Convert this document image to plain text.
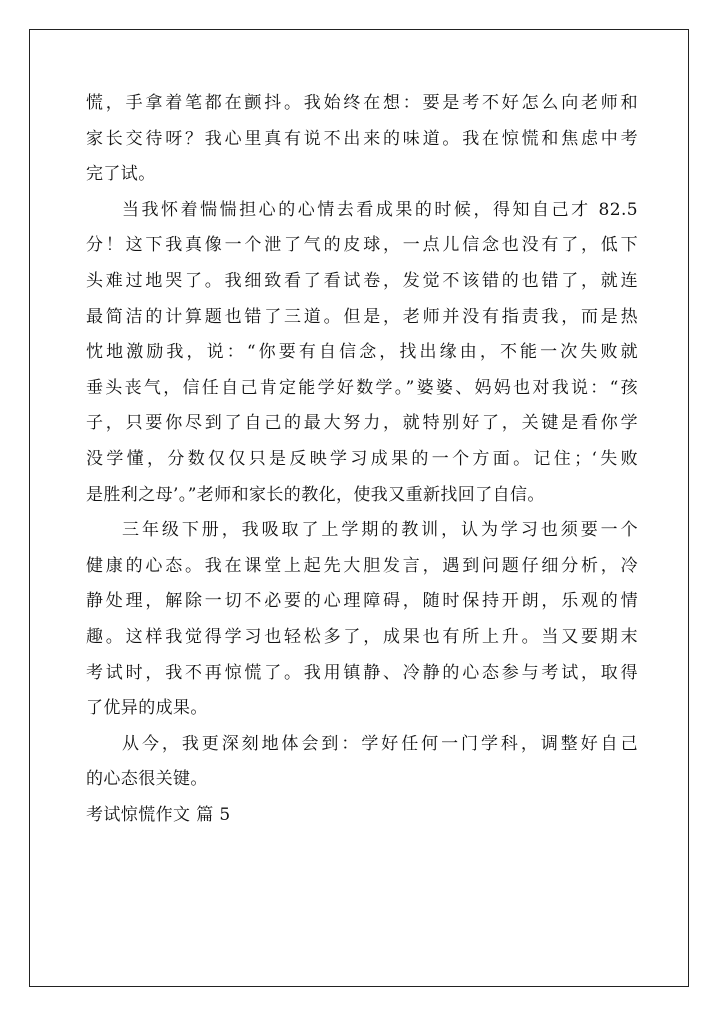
慌，手拿着笔都在颤抖。我始终在想：要是考不好怎么向老师和
家长交待呀？我心里真有说不出来的味道。我在惊慌和焦虑中考
完了试。
当我怀着惴惴担心的心情去看成果的时候，得知自己才 82.5
分！这下我真像一个泄了气的皮球，一点儿信念也没有了，低下
头难过地哭了。我细致看了看试卷，发觉不该错的也错了，就连
最简洁的计算题也错了三道。但是，老师并没有指责我，而是热
忱地激励我，说：“你要有自信念，找出缘由，不能一次失败就
垂头丧气，信任自己肯定能学好数学。”婆婆、妈妈也对我说：“孩
子，只要你尽到了自己的最大努力，就特别好了，关键是看你学
没学懂，分数仅仅只是反映学习成果的一个方面。记住；‘失败
是胜利之母’。”老师和家长的教化，使我又重新找回了自信。
三年级下册，我吸取了上学期的教训，认为学习也须要一个
健康的心态。我在课堂上起先大胆发言，遇到问题仔细分析，冷
静处理，解除一切不必要的心理障碍，随时保持开朗，乐观的情
趣。这样我觉得学习也轻松多了，成果也有所上升。当又要期末
考试时，我不再惊慌了。我用镇静、冷静的心态参与考试，取得
了优异的成果。
从今，我更深刻地体会到：学好任何一门学科，调整好自己
的心态很关键。
考试惊慌作文 篇 5
